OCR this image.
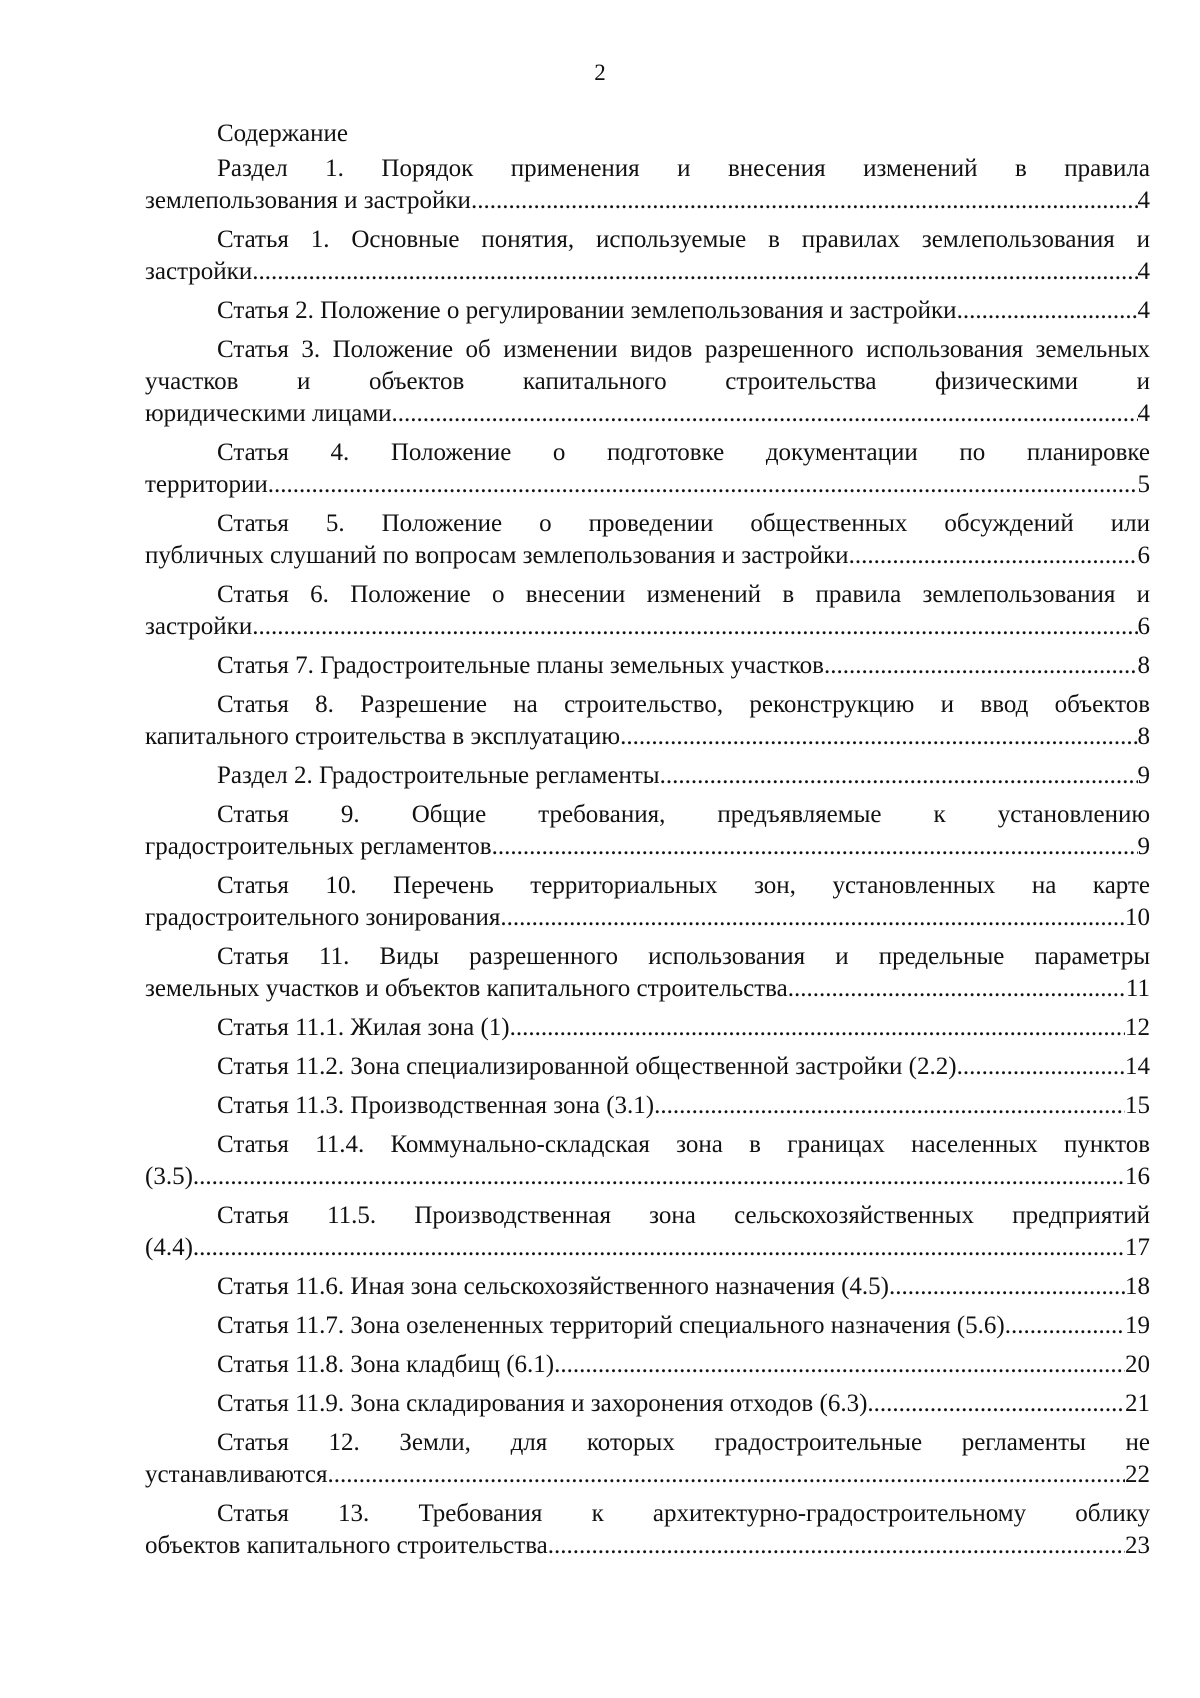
2
Содержание
Раздел 1. Порядок применения и внесения изменений в правила
землепользования и застройки .....	4
Статья 1. Основные понятия, используемые в правилах землепользования и
застройки .....	4
Статья 2. Положение о регулировании землепользования и застройки .....	4
Статья 3. Положение об изменении видов разрешенного использования земельных участков и объектов капитального строительства физическими и
юридическими лицами .....	4
Статья 4. Положение о подготовке документации по планировке
территории .....	5
Статья 5. Положение о проведении общественных обсуждений или
публичных слушаний по вопросам землепользования и застройки .....	6
Статья 6. Положение о внесении изменений в правила землепользования и
застройки .....	6
Статья 7. Градостроительные планы земельных участков .....	8
Статья 8. Разрешение на строительство, реконструкцию и ввод объектов
капитального строительства в эксплуатацию .....	8
Раздел 2. Градостроительные регламенты .....	9
Статья 9. Общие требования, предъявляемые к установлению
градостроительных регламентов .....	9
Статья 10. Перечень территориальных зон, установленных на карте
градостроительного зонирования .....	10
Статья 11. Виды разрешенного использования и предельные параметры
земельных участков и объектов капитального строительства .....	11
Статья 11.1. Жилая зона (1) .....	12
Статья 11.2. Зона специализированной общественной застройки (2.2) .....	14
Статья 11.3. Производственная зона (3.1) .....	15
Статья 11.4. Коммунально-складская зона в границах населенных пунктов
(3.5) .....	16
Статья 11.5. Производственная зона сельскохозяйственных предприятий
(4.4) .....	17
Статья 11.6. Иная зона сельскохозяйственного назначения (4.5) .....	18
Статья 11.7. Зона озелененных территорий специального назначения (5.6) .....	19
Статья 11.8. Зона кладбищ (6.1) .....	20
Статья 11.9. Зона складирования и захоронения отходов (6.3) .....	21
Статья 12. Земли, для которых градостроительные регламенты не
устанавливаются .....	22
Статья 13. Требования к архитектурно-градостроительному облику
объектов капитального строительства .....	23
